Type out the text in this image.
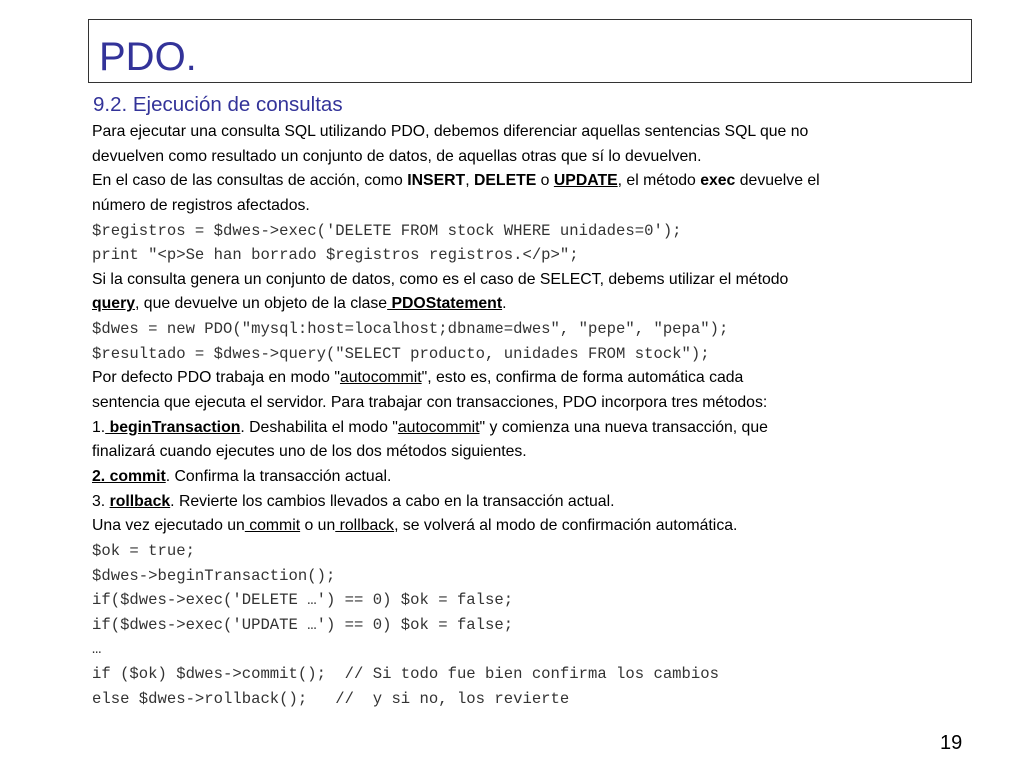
PDO.
9.2. Ejecución de consultas
Para ejecutar una consulta SQL utilizando PDO, debemos diferenciar aquellas sentencias SQL que no
devuelven como resultado un conjunto de datos, de aquellas otras que sí lo devuelven.
En el caso de las consultas de acción, como INSERT, DELETE o UPDATE, el método exec devuelve el
número de registros afectados.
$registros = $dwes->exec('DELETE FROM stock WHERE unidades=0');
print "<p>Se han borrado $registros registros.</p>";
Si la consulta genera un conjunto de datos, como es el caso de SELECT, debems utilizar el método
query, que devuelve un objeto de la clase PDOStatement.
$dwes = new PDO("mysql:host=localhost;dbname=dwes", "pepe", "pepa");
$resultado = $dwes->query("SELECT producto, unidades FROM stock");
Por defecto PDO trabaja en modo "autocommit", esto es, confirma de forma automática cada
sentencia que ejecuta el servidor. Para trabajar con transacciones, PDO incorpora tres métodos:
1. beginTransaction. Deshabilita el modo "autocommit" y comienza una nueva transacción, que
finalizará cuando ejecutes uno de los dos métodos siguientes.
2. commit. Confirma la transacción actual.
3. rollback. Revierte los cambios llevados a cabo en la transacción actual.
Una vez ejecutado un commit o un rollback, se volverá al modo de confirmación automática.
$ok = true;
$dwes->beginTransaction();
if($dwes->exec('DELETE …') == 0) $ok = false;
if($dwes->exec('UPDATE …') == 0) $ok = false;
…
if ($ok) $dwes->commit();  // Si todo fue bien confirma los cambios
else $dwes->rollback();   //  y si no, los revierte
19
